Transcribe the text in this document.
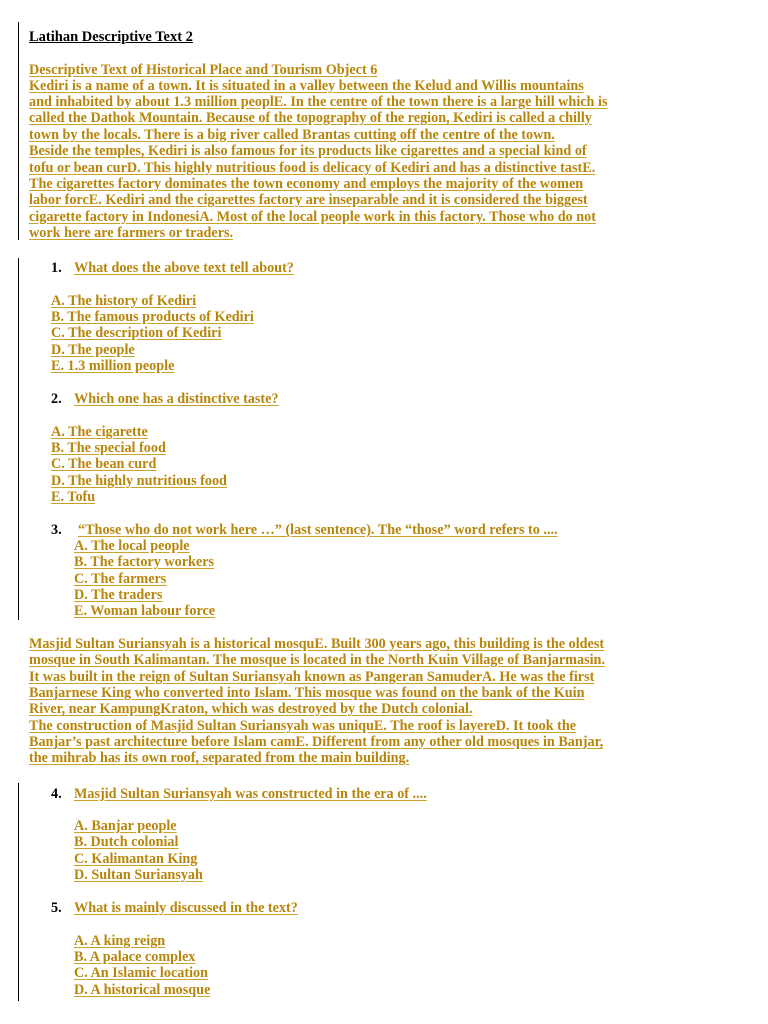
Latihan Descriptive Text 2
Descriptive Text of Historical Place and Tourism Object 6
Kediri is a name of a town. It is situated in a valley between the Kelud and Willis mountains
and inhabited by about 1.3 million peoplE. In the centre of the town there is a large hill which is
called the Dathok Mountain. Because of the topography of the region, Kediri is called a chilly
town by the locals. There is a big river called Brantas cutting off the centre of the town.
Beside the temples, Kediri is also famous for its products like cigarettes and a special kind of
tofu or bean curD. This highly nutritious food is delicacy of Kediri and has a distinctive tastE.
The cigarettes factory dominates the town economy and employs the majority of the women
labor forcE. Kediri and the cigarettes factory are inseparable and it is considered the biggest
cigarette factory in IndonesiA. Most of the local people work in this factory. Those who do not
work here are farmers or traders.
1. What does the above text tell about?
A. The history of Kediri
B. The famous products of Kediri
C. The description of Kediri
D. The people
E. 1.3 million people
2. Which one has a distinctive taste?
A. The cigarette
B. The special food
C. The bean curd
D. The highly nutritious food
E. Tofu
3. “Those who do not work here …” (last sentence). The “those” word refers to ....
A. The local people
B. The factory workers
C. The farmers
D. The traders
E. Woman labour force
Masjid Sultan Suriansyah is a historical mosquE. Built 300 years ago, this building is the oldest
mosque in South Kalimantan. The mosque is located in the North Kuin Village of Banjarmasin.
It was built in the reign of Sultan Suriansyah known as Pangeran SamuderA. He was the first
Banjarnese King who converted into Islam. This mosque was found on the bank of the Kuin
River, near KampungKraton, which was destroyed by the Dutch colonial.
The construction of Masjid Sultan Suriansyah was uniquE. The roof is layereD. It took the
Banjar’s past architecture before Islam camE. Different from any other old mosques in Banjar,
the mihrab has its own roof, separated from the main building.
4. Masjid Sultan Suriansyah was constructed in the era of ....
A. Banjar people
B. Dutch colonial
C. Kalimantan King
D. Sultan Suriansyah
5. What is mainly discussed in the text?
A. A king reign
B. A palace complex
C. An Islamic location
D. A historical mosque
